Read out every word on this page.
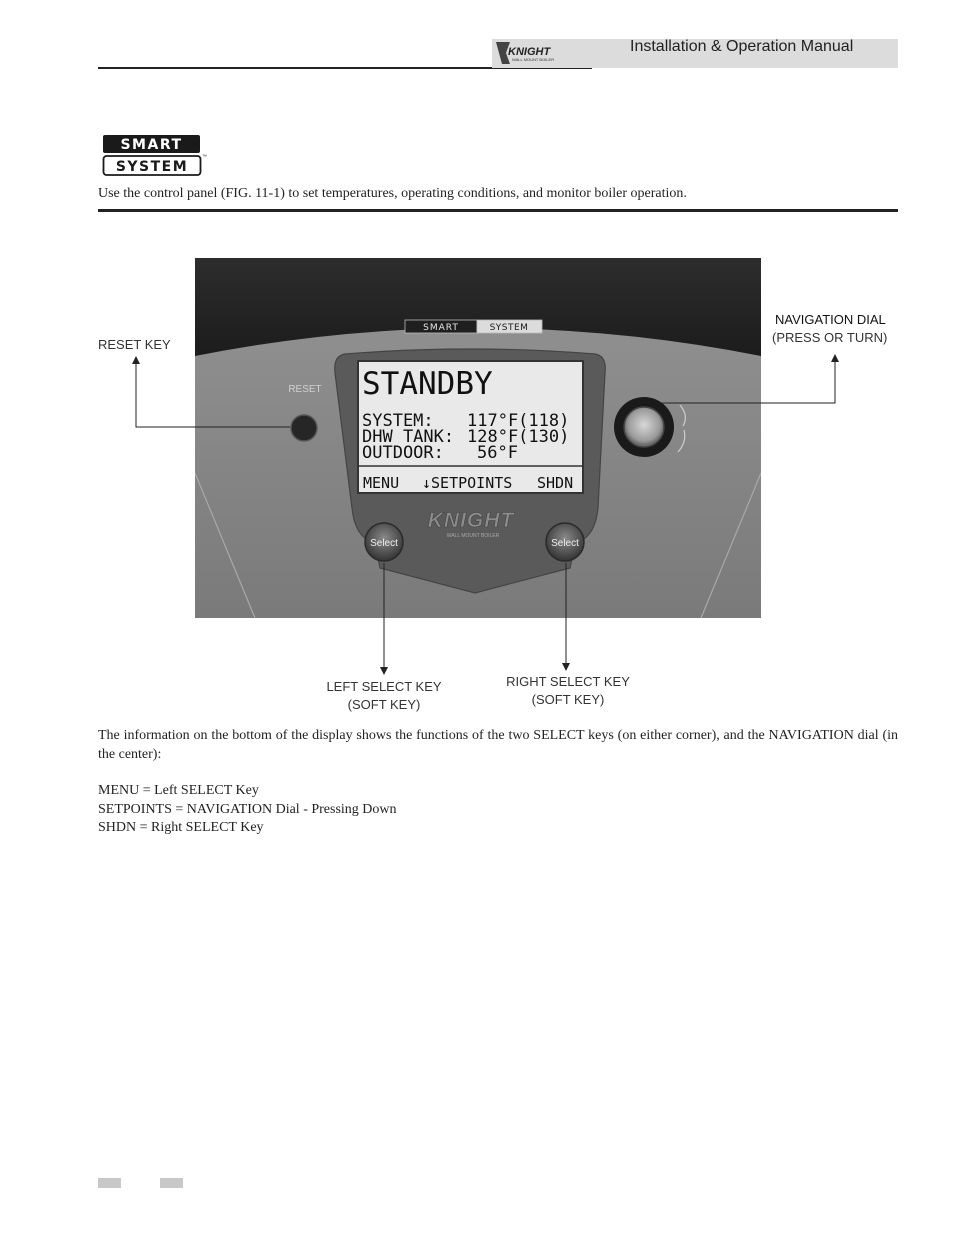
KNIGHT
WALL MOUNT BOILER
Installation & Operation Manual
SMART
SYSTEM
™
Use the control panel (FIG. 11-1) to set temperatures, operating conditions, and monitor boiler operation.
SMART	SYSTEM
STANDBY
SYSTEM: 117°F(118)
DHW TANK: 128°F(130)
OUTDOOR: 56°F
MENU ↓SETPOINTS SHDN
KNIGHT
WALL MOUNT BOILER
RESET
Select	Select
RESET KEY
NAVIGATION DIAL
(PRESS OR TURN)
LEFT SELECT KEY
(SOFT KEY)
RIGHT SELECT KEY
(SOFT KEY)
The information on the bottom of the display shows the functions of the two SELECT keys (on either corner), and the NAVIGATION dial (in the center):
MENU = Left SELECT Key
SETPOINTS = NAVIGATION Dial - Pressing Down
SHDN = Right SELECT Key
